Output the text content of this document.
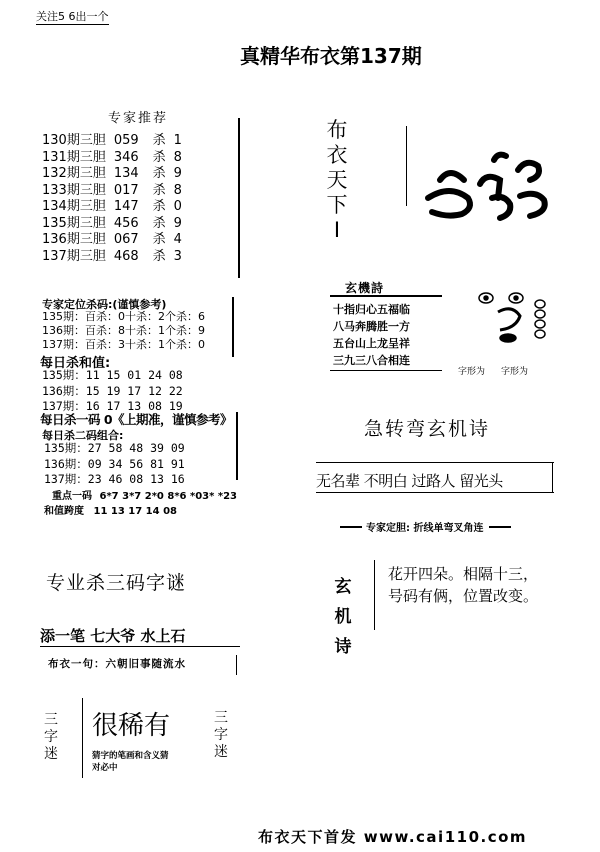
关注5 6出一个
真精华布衣第137期
专家推荐
130期三胆 059 杀 1
131期三胆 346 杀 8
132期三胆 134 杀 9
133期三胆 017 杀 8
134期三胆 147 杀 0
135期三胆 456 杀 9
136期三胆 067 杀 4
137期三胆 468 杀 3
专家定位杀码:(谨慎参考)
135期：百杀：0十杀：2个杀：6
136期：百杀：8十杀：1个杀：9
137期：百杀：3十杀：1个杀：0
每日杀和值:
135期：11 15 01 24 08
136期：15 19 17 12 22
137期：16 17 13 08 19
每日杀一码 0《上期准，谨慎参考》
每日杀二码组合:
135期：27 58 48 39 09
136期：09 34 56 81 91
137期：23 46 08 13 16
重点一码 6*7 3*7 2*0 8*6 *03* *23
和值跨度 11 13 17 14 08
专业杀三码字谜
添一笔 七大爷 水上石
布衣一句：六朝旧事随流水
三
字
迷
很稀有
猜字的笔画和含义猜
对必中
三
字
迷
布
衣
天
下
I
玄機詩
十指归心五福临
八马奔腾胜一方
五台山上龙呈祥
三九三八合相连
字形为 字形为
急转弯玄机诗
无名辈 不明白 过路人 留光头
专家定胆: 折线单弯叉角连
玄
机
诗
花开四朵。相隔十三，
号码有俩，位置改变。
布衣天下首发 www.cai110.com
